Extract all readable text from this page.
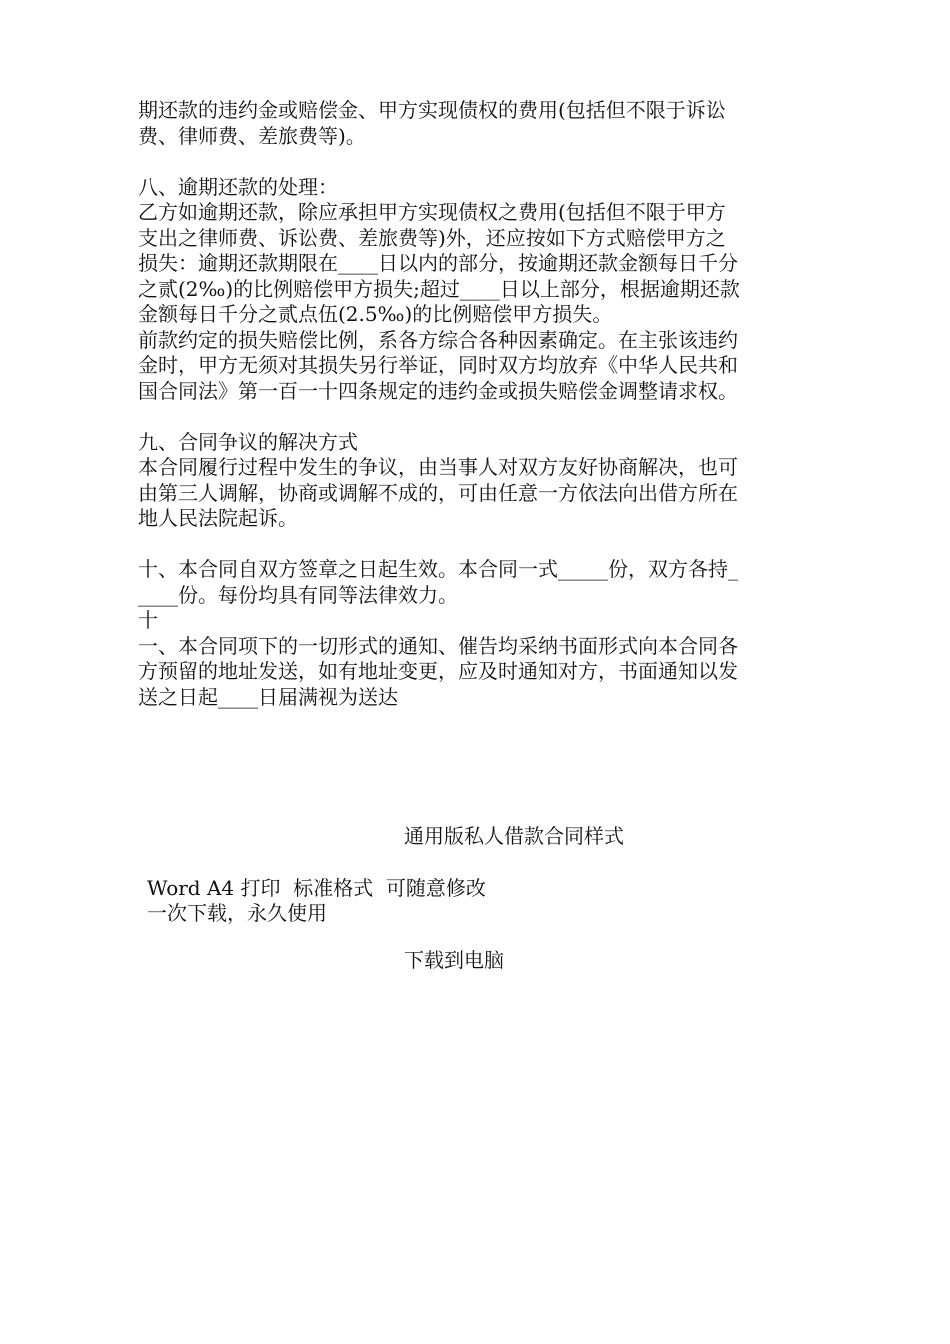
期还款的违约金或赔偿金、甲方实现债权的费用(包括但不限于诉讼
费、律师费、差旅费等)。
八、逾期还款的处理：
乙方如逾期还款，除应承担甲方实现债权之费用(包括但不限于甲方
支出之律师费、诉讼费、差旅费等)外，还应按如下方式赔偿甲方之
损失：逾期还款期限在____日以内的部分，按逾期还款金额每日千分
之贰(2‰)的比例赔偿甲方损失;超过____日以上部分，根据逾期还款
金额每日千分之贰点伍(2.5‰)的比例赔偿甲方损失。
前款约定的损失赔偿比例，系各方综合各种因素确定。在主张该违约
金时，甲方无须对其损失另行举证，同时双方均放弃《中华人民共和
国合同法》第一百一十四条规定的违约金或损失赔偿金调整请求权。
九、合同争议的解决方式
本合同履行过程中发生的争议，由当事人对双方友好协商解决，也可
由第三人调解，协商或调解不成的，可由任意一方依法向出借方所在
地人民法院起诉。
十、本合同自双方签章之日起生效。本合同一式_____份，双方各持_
____份。每份均具有同等法律效力。
十
一、本合同项下的一切形式的通知、催告均采纳书面形式向本合同各
方预留的地址发送，如有地址变更，应及时通知对方，书面通知以发
送之日起____日届满视为送达
通用版私人借款合同样式
Word A4 打印  标准格式  可随意修改
一次下载，永久使用
下载到电脑
